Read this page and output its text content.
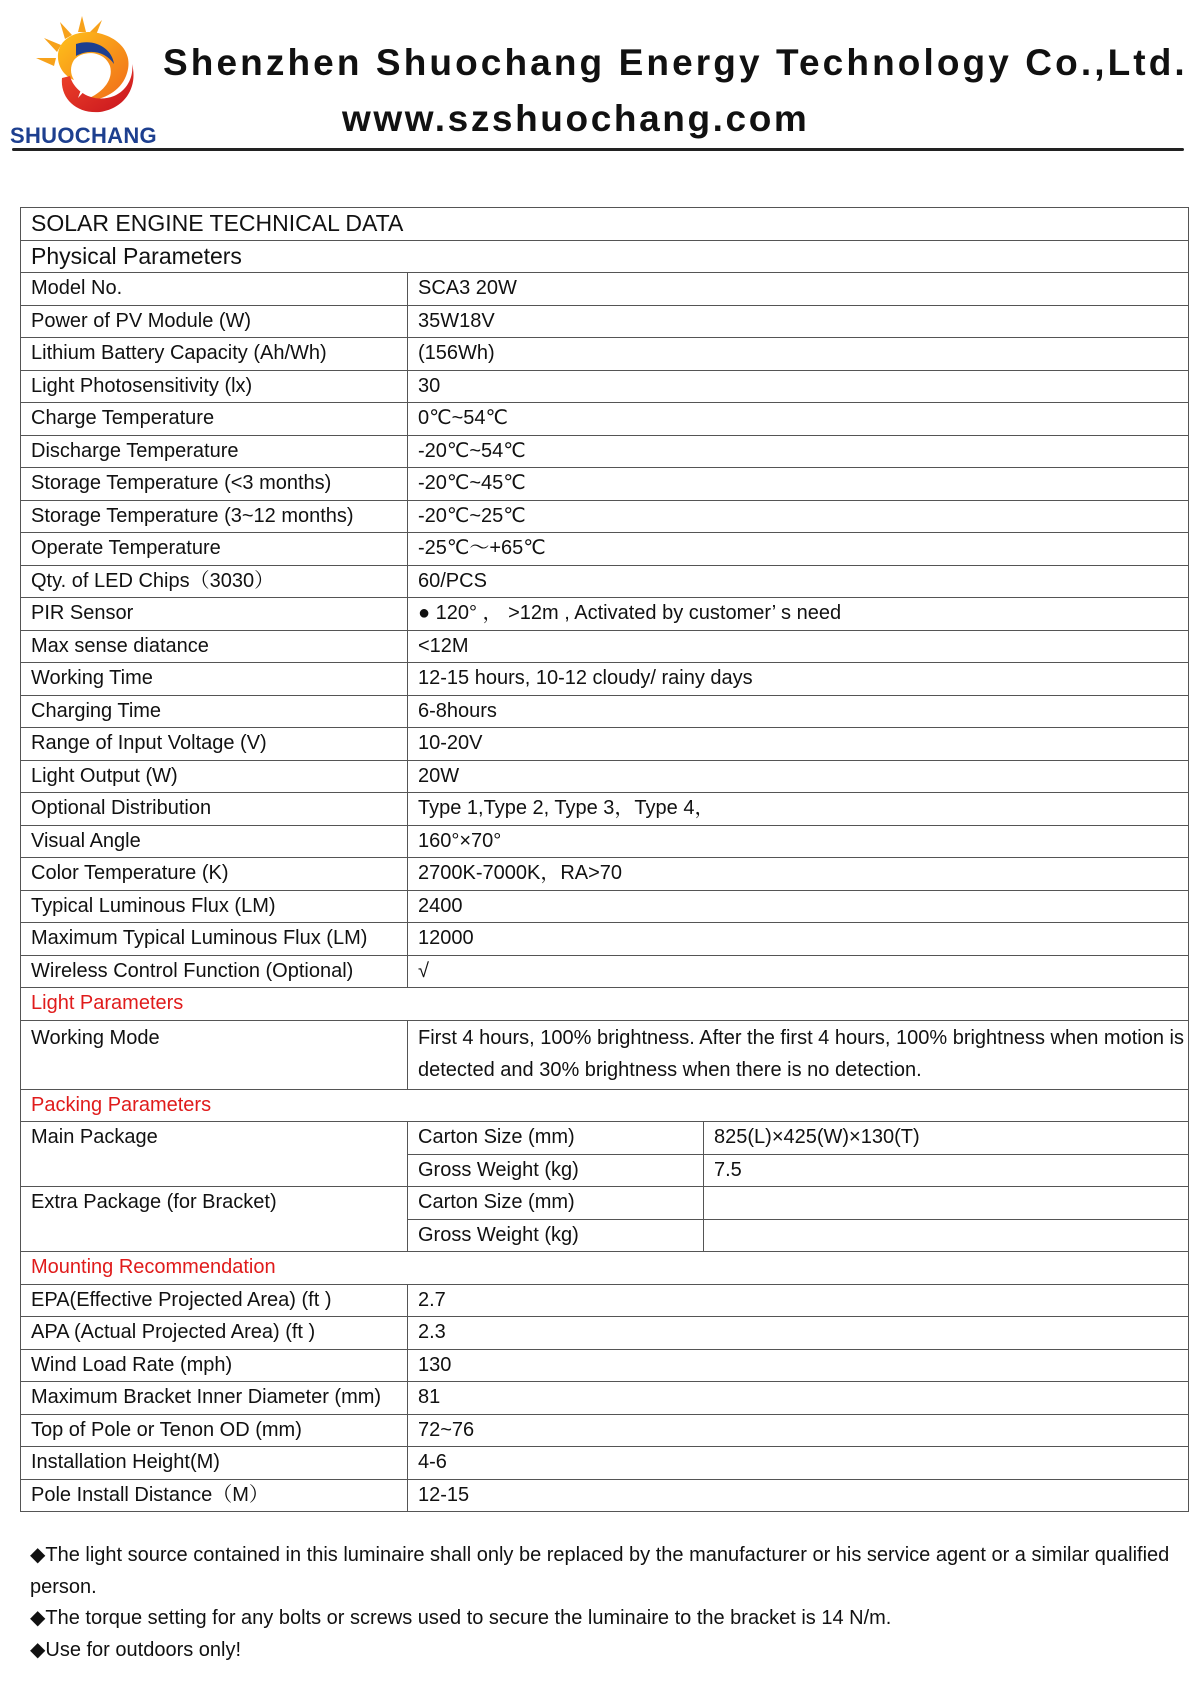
SHUOCHANG
Shenzhen Shuochang Energy Technology Co.,Ltd.
www.szshuochang.com
SOLAR ENGINE TECHNICAL DATA		
Physical Parameters		
Model No.	SCA3 20W	
Power of PV Module (W)	35W18V	
Lithium Battery Capacity (Ah/Wh)	(156Wh)	
Light Photosensitivity (lx)	30	
Charge Temperature	0℃~54℃	
Discharge Temperature	-20℃~54℃	
Storage Temperature (<3 months)	-20℃~45℃	
Storage Temperature (3~12 months)	-20℃~25℃	
Operate Temperature	-25℃～+65℃	
Qty. of LED Chips（3030）	60/PCS	
PIR Sensor	● 120° ， >12m , Activated by customer’ s need	
Max sense diatance	<12M	
Working Time	12-15 hours, 10-12 cloudy/ rainy days	
Charging Time	6-8hours	
Range of Input Voltage (V)	10-20V	
Light Output (W)	20W	
Optional Distribution	Type 1,Type 2, Type 3，Type 4，	
Visual Angle	160°×70°	
Color Temperature (K)	2700K-7000K，RA>70	
Typical Luminous Flux (LM)	2400	
Maximum Typical Luminous Flux (LM)	12000	
Wireless Control Function (Optional)	√	
Light Parameters		
Working Mode	First 4 hours, 100% brightness. After the first 4 hours, 100% brightness when motion is detected and 30% brightness when there is no detection.	
Packing Parameters		
Main Package	Carton Size (mm)	825(L)×425(W)×130(T)
	Gross Weight (kg)	7.5
Extra Package (for Bracket)	Carton Size (mm)	
	Gross Weight (kg)	
Mounting Recommendation		
EPA(Effective Projected Area) (ft )	2.7	
APA (Actual Projected Area) (ft )	2.3	
Wind Load Rate (mph)	130	
Maximum Bracket Inner Diameter (mm)	81	
Top of Pole or Tenon OD (mm)	72~76	
Installation Height(M)	4-6	
Pole Install Distance（M）	12-15	
◆The light source contained in this luminaire shall only be replaced by the manufacturer or his service agent or a similar qualified person.
◆The torque setting for any bolts or screws used to secure the luminaire to the bracket is 14 N/m.
◆Use for outdoors only!
